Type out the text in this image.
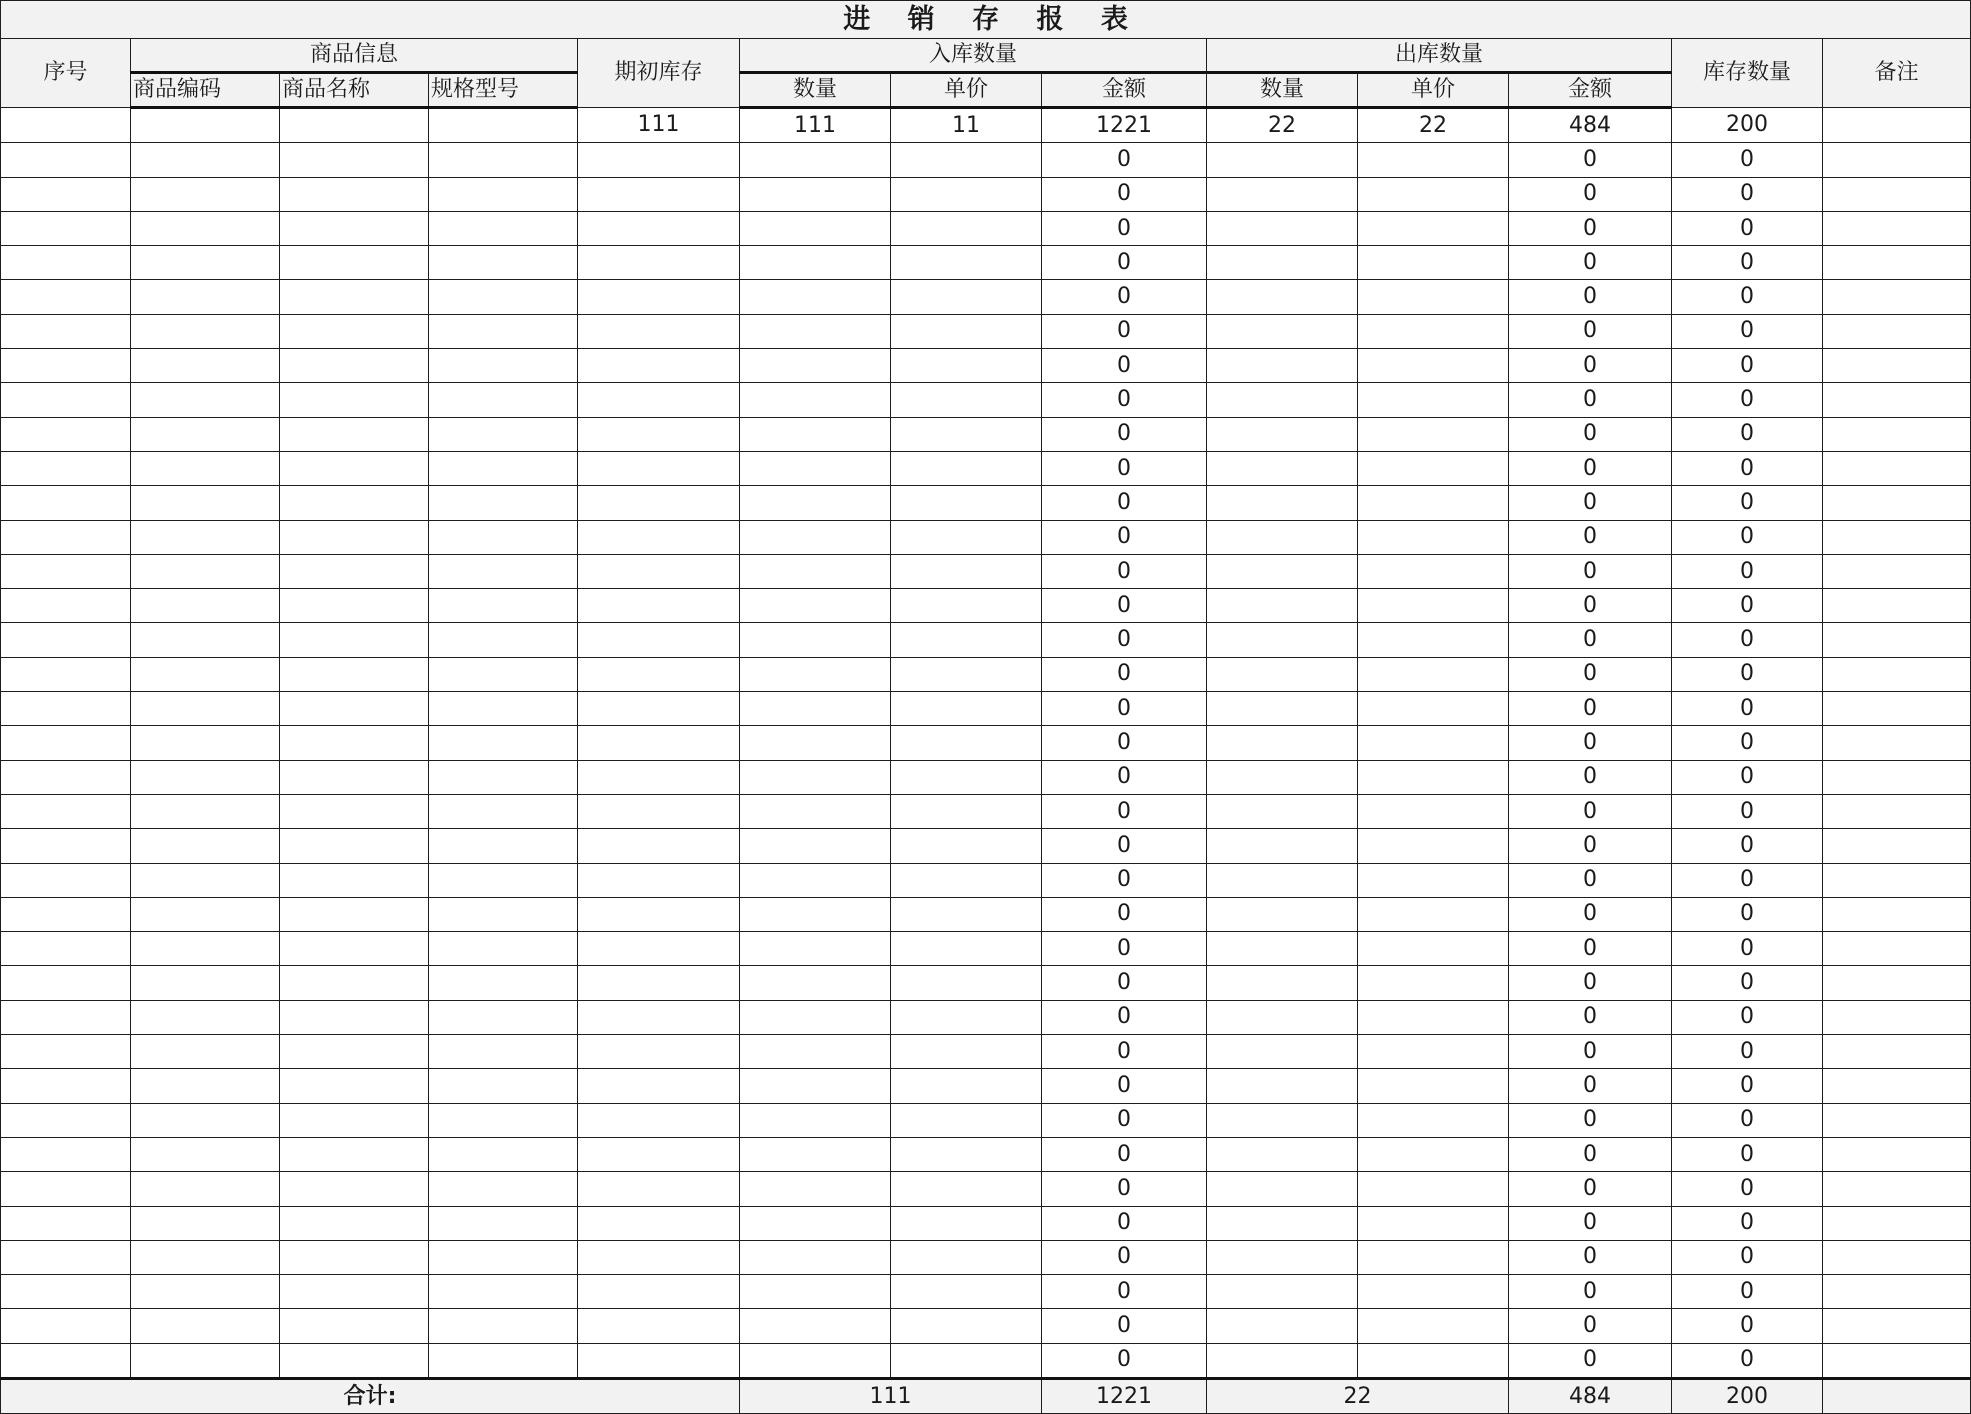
进 销 存 报 表												
序号	商品信息			期初库存	入库数量			出库数量			库存数量	备注
	商品编码	商品名称	规格型号		数量	单价	金额	数量	单价	金额		
				111	111	11	1221	22	22	484	200	
							0			0	0	
							0			0	0	
							0			0	0	
							0			0	0	
							0			0	0	
							0			0	0	
							0			0	0	
							0			0	0	
							0			0	0	
							0			0	0	
							0			0	0	
							0			0	0	
							0			0	0	
							0			0	0	
							0			0	0	
							0			0	0	
							0			0	0	
							0			0	0	
							0			0	0	
							0			0	0	
							0			0	0	
							0			0	0	
							0			0	0	
							0			0	0	
							0			0	0	
							0			0	0	
							0			0	0	
							0			0	0	
							0			0	0	
							0			0	0	
							0			0	0	
							0			0	0	
							0			0	0	
							0			0	0	
							0			0	0	
							0			0	0	
合计:					111		1221	22		484	200	
